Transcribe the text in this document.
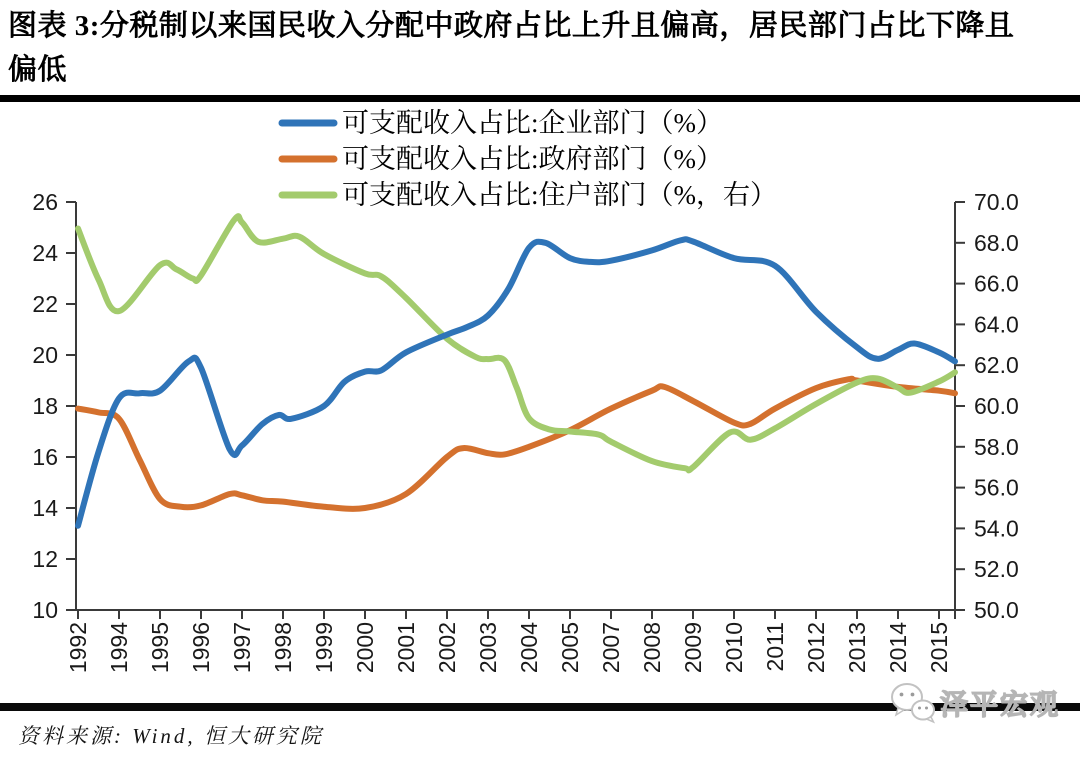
图表 3:分税制以来国民收入分配中政府占比上升且偏高，居民部门占比下降且
偏低
26
24
22
20
18
16
14
12
10
70.0
68.0
66.0
64.0
62.0
60.0
58.0
56.0
54.0
52.0
50.0
1992 1994 1995 1996 1997 1998 1999 2000 2001 2002 2003 2004 2005 2007 2008 2009 2010 2011 2012 2013 2014 2015
可支配收入占比:企业部门（%）
可支配收入占比:政府部门（%）
可支配收入占比:住户部门（%，右）
资料来源: Wind, 恒大研究院
泽平宏观
